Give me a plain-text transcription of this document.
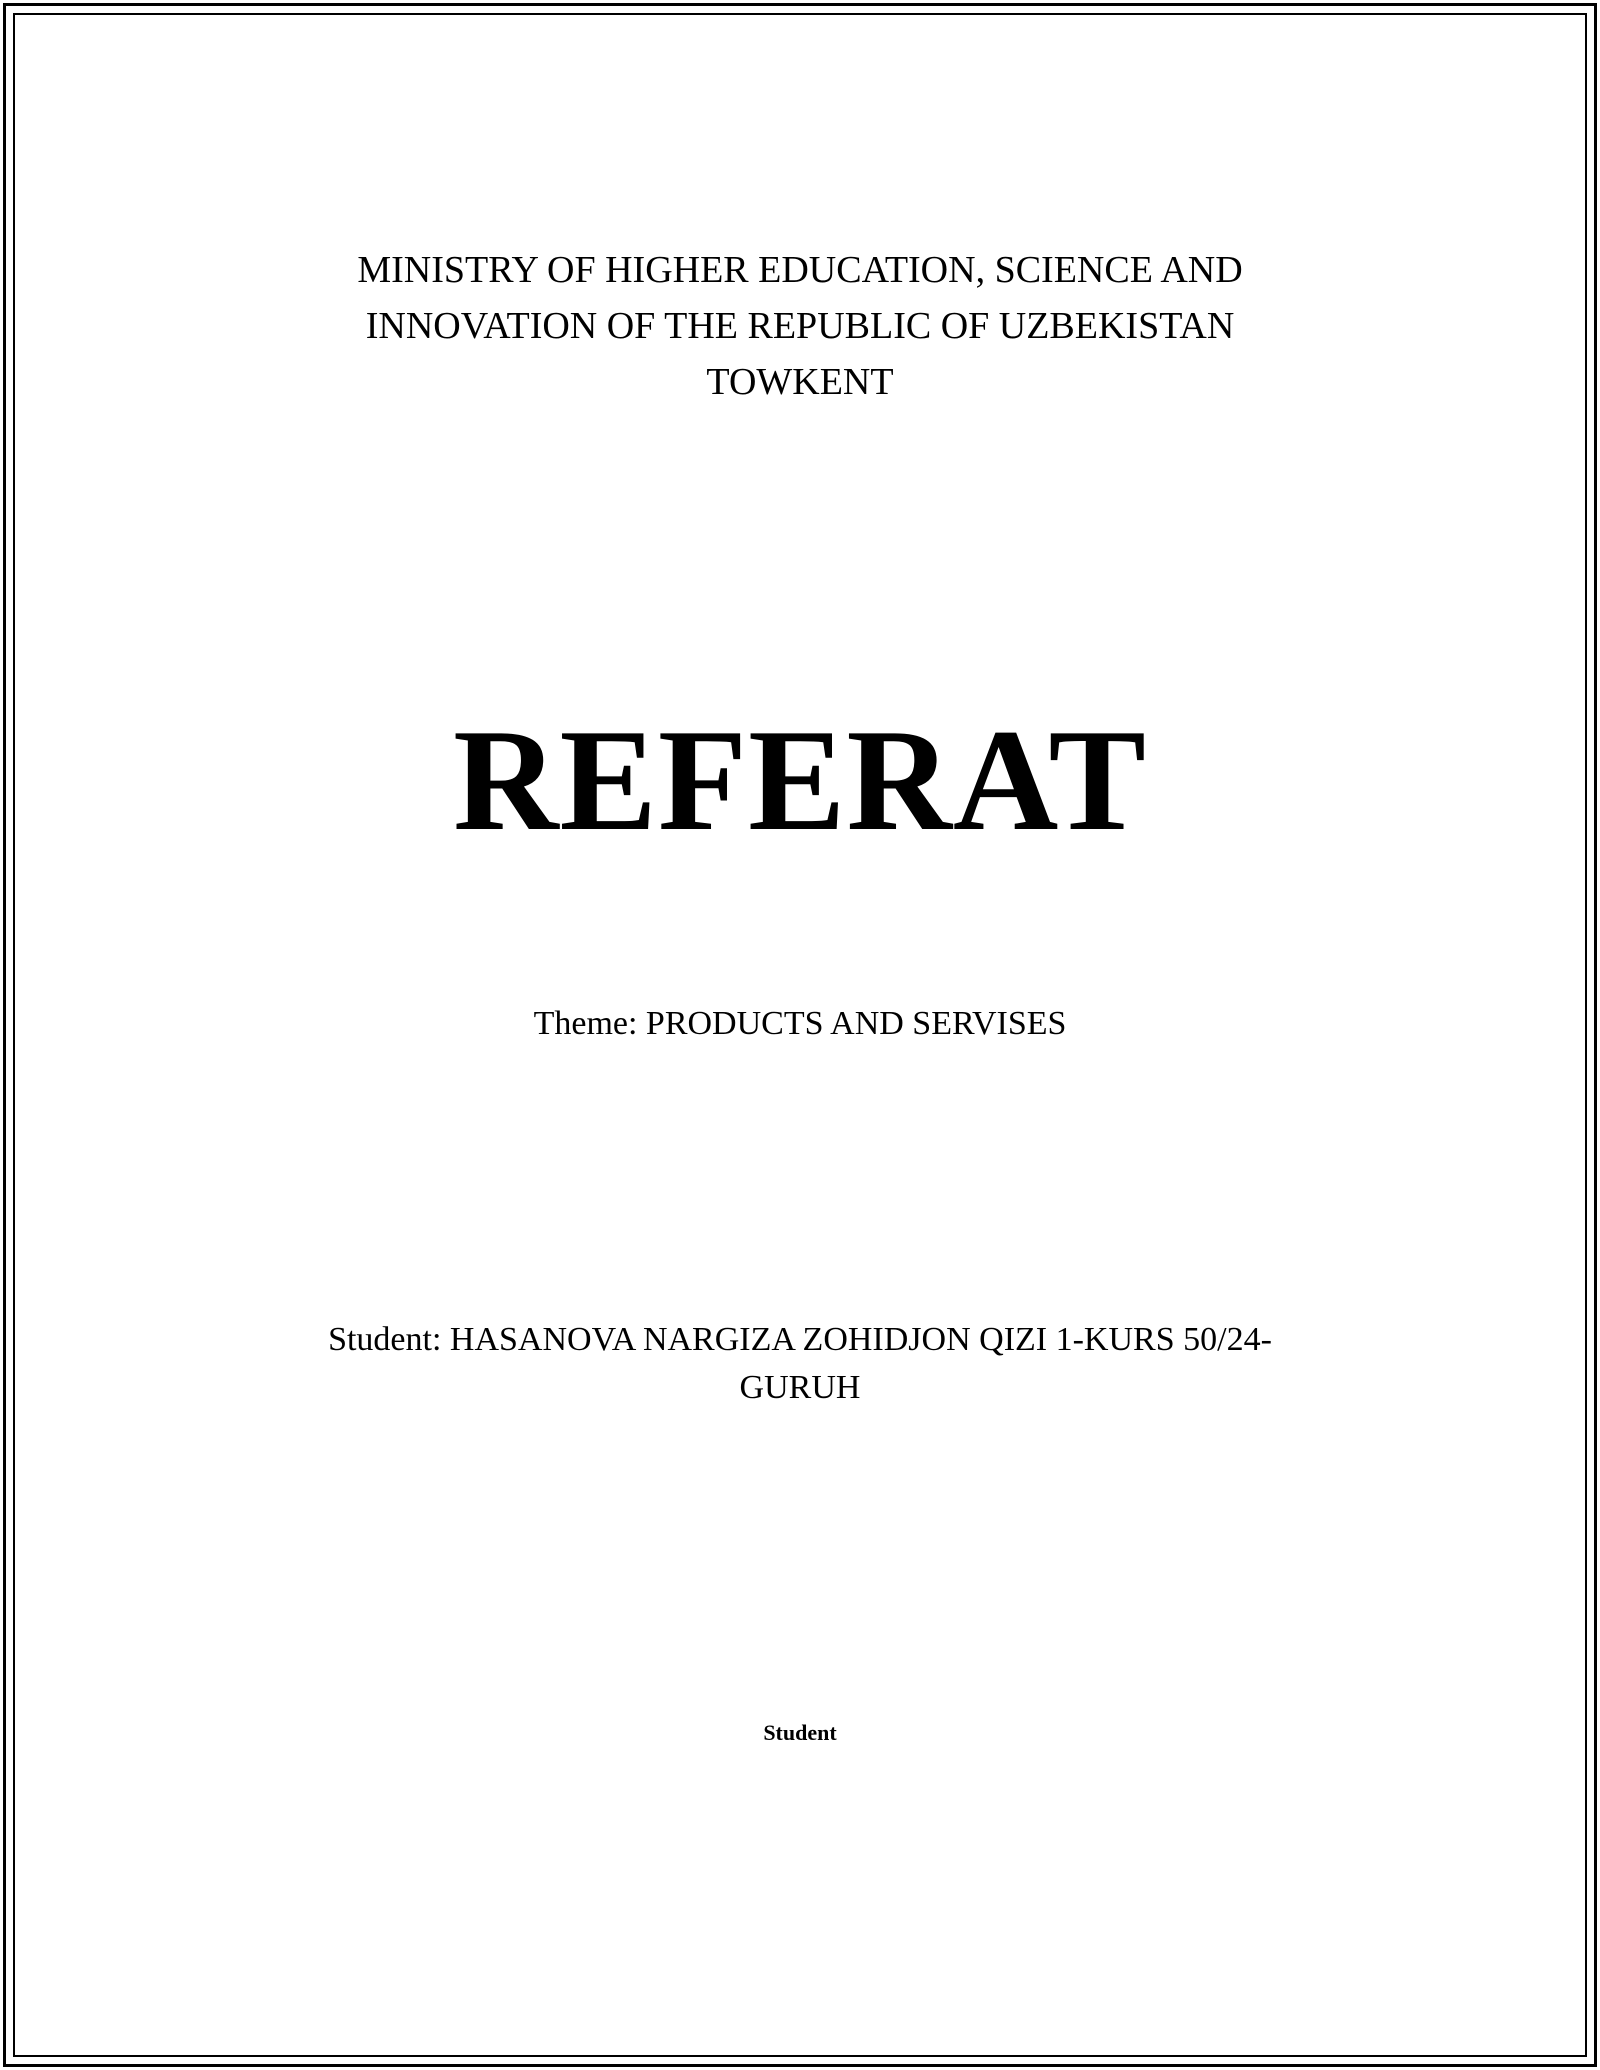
MINISTRY OF HIGHER EDUCATION, SCIENCE AND
INNOVATION OF THE REPUBLIC OF UZBEKISTAN
TOWKENT
REFERAT
Theme: PRODUCTS AND SERVISES
Student: HASANOVA NARGIZA ZOHIDJON QIZI 1-KURS 50/24-
GURUH
Student
